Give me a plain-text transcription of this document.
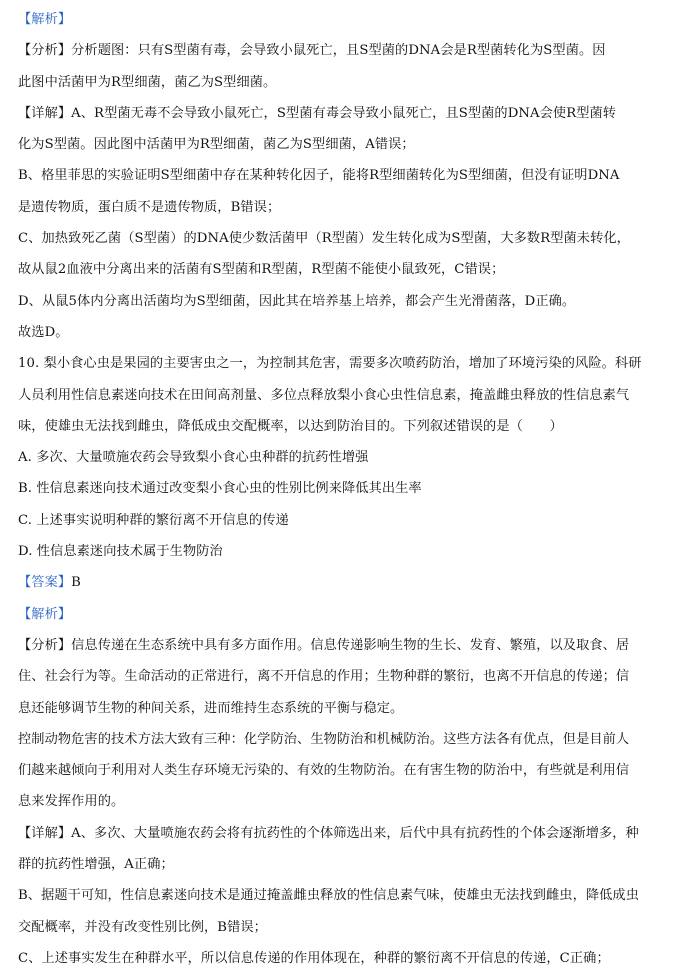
【解析】
【分析】分析题图：只有S型菌有毒，会导致小鼠死亡，且S型菌的DNA会是R型菌转化为S型菌。因
此图中活菌甲为R型细菌，菌乙为S型细菌。
【详解】A、R型菌无毒不会导致小鼠死亡，S型菌有毒会导致小鼠死亡，且S型菌的DNA会使R型菌转
化为S型菌。因此图中活菌甲为R型细菌，菌乙为S型细菌，A错误；
B、格里菲思的实验证明S型细菌中存在某种转化因子，能将R型细菌转化为S型细菌，但没有证明DNA
是遗传物质，蛋白质不是遗传物质，B错误；
C、加热致死乙菌（S型菌）的DNA使少数活菌甲（R型菌）发生转化成为S型菌，大多数R型菌未转化，
故从鼠2血液中分离出来的活菌有S型菌和R型菌，R型菌不能使小鼠致死，C错误；
D、从鼠5体内分离出活菌均为S型细菌，因此其在培养基上培养，都会产生光滑菌落，D正确。
故选D。
10. 梨小食心虫是果园的主要害虫之一，为控制其危害，需要多次喷药防治，增加了环境污染的风险。科研
人员利用性信息素迷向技术在田间高剂量、多位点释放梨小食心虫性信息素，掩盖雌虫释放的性信息素气
味，使雄虫无法找到雌虫，降低成虫交配概率，以达到防治目的。下列叙述错误的是（　　）
A. 多次、大量喷施农药会导致梨小食心虫种群的抗药性增强
B. 性信息素迷向技术通过改变梨小食心虫的性别比例来降低其出生率
C. 上述事实说明种群的繁衍离不开信息的传递
D. 性信息素迷向技术属于生物防治
【答案】B
【解析】
【分析】信息传递在生态系统中具有多方面作用。信息传递影响生物的生长、发育、繁殖，以及取食、居
住、社会行为等。生命活动的正常进行，离不开信息的作用；生物种群的繁衍，也离不开信息的传递；信
息还能够调节生物的种间关系，进而维持生态系统的平衡与稳定。
控制动物危害的技术方法大致有三种：化学防治、生物防治和机械防治。这些方法各有优点，但是目前人
们越来越倾向于利用对人类生存环境无污染的、有效的生物防治。在有害生物的防治中，有些就是利用信
息来发挥作用的。
【详解】A、多次、大量喷施农药会将有抗药性的个体筛选出来，后代中具有抗药性的个体会逐渐增多，种
群的抗药性增强，A正确；
B、据题干可知，性信息素迷向技术是通过掩盖雌虫释放的性信息素气味，使雄虫无法找到雌虫，降低成虫
交配概率，并没有改变性别比例，B错误；
C、上述事实发生在种群水平，所以信息传递的作用体现在，种群的繁衍离不开信息的传递，C正确；
